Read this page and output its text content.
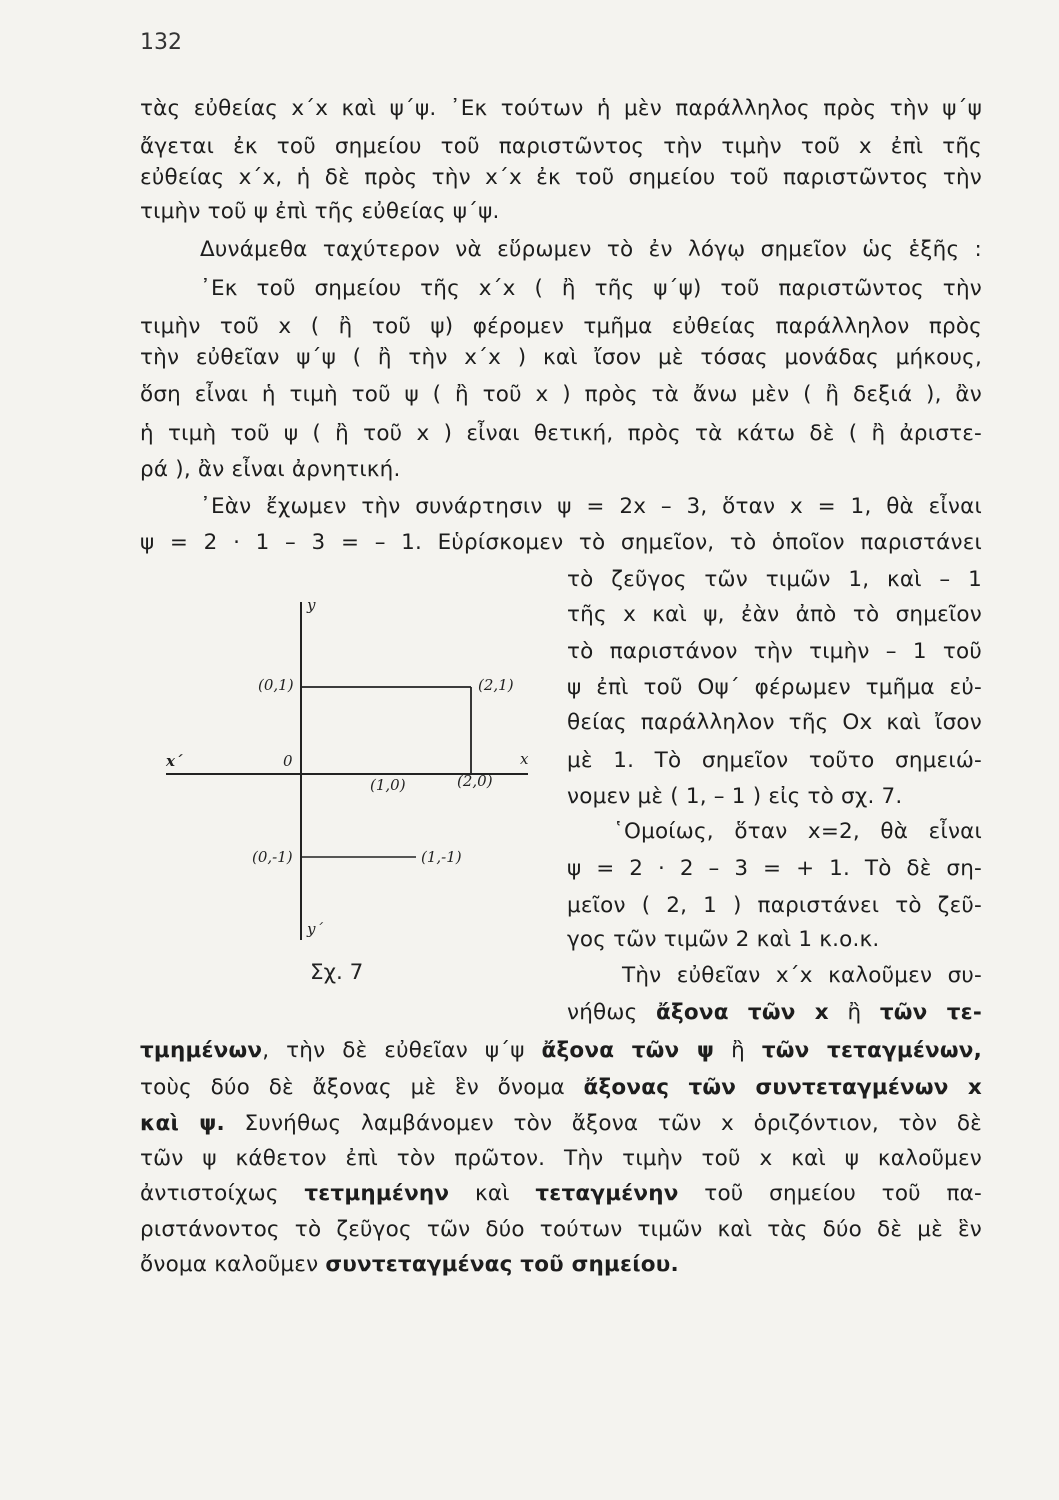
132
τὰς εὐθείας x΄x καὶ ψ΄ψ. ᾿Εκ τούτων ἡ μὲν παράλληλος πρὸς τὴν ψ΄ψ
ἄγεται ἐκ τοῦ σημείου τοῦ παριστῶντος τὴν τιμὴν τοῦ x ἐπὶ τῆς
εὐθείας x΄x, ἡ δὲ πρὸς τὴν x΄x ἐκ τοῦ σημείου τοῦ παριστῶντος τὴν
τιμὴν τοῦ ψ ἐπὶ τῆς εὐθείας ψ΄ψ.
Δυνάμεθα ταχύτερον νὰ εὕρωμεν τὸ ἐν λόγῳ σημεῖον ὡς ἑξῆς :
᾿Εκ τοῦ σημείου τῆς x΄x ( ἢ τῆς ψ΄ψ) τοῦ παριστῶντος τὴν
τιμὴν τοῦ x ( ἢ τοῦ ψ) φέρομεν τμῆμα εὐθείας παράλληλον πρὸς
τὴν εὐθεῖαν ψ΄ψ ( ἢ τὴν x΄x ) καὶ ἴσον μὲ τόσας μονάδας μήκους,
ὅση εἶναι ἡ τιμὴ τοῦ ψ ( ἢ τοῦ x ) πρὸς τὰ ἄνω μὲν ( ἢ δεξιά ), ἂν
ἡ τιμὴ τοῦ ψ ( ἢ τοῦ x ) εἶναι θετική, πρὸς τὰ κάτω δὲ ( ἢ ἀριστε-
ρά ), ἂν εἶναι ἀρνητική.
᾿Εὰν ἔχωμεν τὴν συνάρτησιν ψ = 2x – 3, ὅταν x = 1, θὰ εἶναι
ψ = 2 · 1 – 3 = – 1. Εὑρίσκομεν τὸ σημεῖον, τὸ ὁποῖον παριστάνει
τὸ ζεῦγος τῶν τιμῶν 1, καὶ – 1
τῆς x καὶ ψ, ἐὰν ἀπὸ τὸ σημεῖον
τὸ παριστάνον τὴν τιμὴν – 1 τοῦ
ψ ἐπὶ τοῦ Oψ΄ φέρωμεν τμῆμα εὐ-
θείας παράλληλον τῆς Ox καὶ ἴσον
μὲ 1. Τὸ σημεῖον τοῦτο σημειώ-
νομεν μὲ ( 1, – 1 ) εἰς τὸ σχ. 7.
῾Ομοίως, ὅταν x=2, θὰ εἶναι
ψ = 2 · 2 – 3 = + 1. Τὸ δὲ ση-
μεῖον ( 2, 1 ) παριστάνει τὸ ζεῦ-
γος τῶν τιμῶν 2 καὶ 1 κ.ο.κ.
Τὴν εὐθεῖαν x΄x καλοῦμεν συ-
νήθως ἄξονα τῶν x ἢ τῶν τε-
τμημένων, τὴν δὲ εὐθεῖαν ψ΄ψ ἄξονα τῶν ψ ἢ τῶν τεταγμένων,
τοὺς δύο δὲ ἄξονας μὲ ἓν ὄνομα ἄξονας τῶν συντεταγμένων x
καὶ ψ. Συνήθως λαμβάνομεν τὸν ἄξονα τῶν x ὁριζόντιον, τὸν δὲ
τῶν ψ κάθετον ἐπὶ τὸν πρῶτον. Τὴν τιμὴν τοῦ x καὶ ψ καλοῦμεν
ἀντιστοίχως τετμημένην καὶ τεταγμένην τοῦ σημείου τοῦ πα-
ριστάνοντος τὸ ζεῦγος τῶν δύο τούτων τιμῶν καὶ τὰς δύο δὲ μὲ ἓν
ὄνομα καλοῦμεν συντεταγμένας τοῦ σημείου.
y
y΄
x
x΄	0
(0,1)	(2,1)
(1,0)	(2,0)
(0,-1)	(1,-1)
Σχ. 7
